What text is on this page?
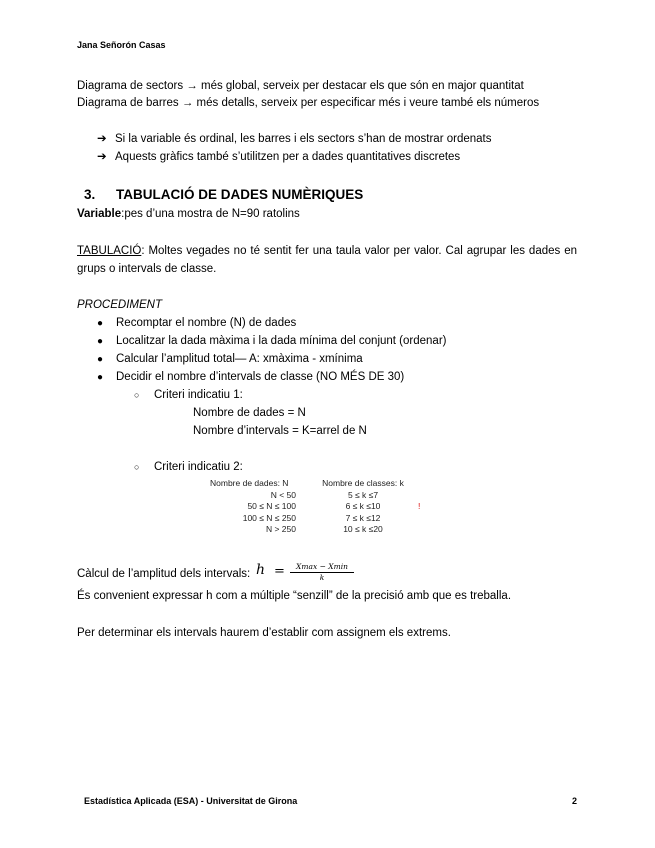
Jana Señorón Casas
Diagrama de sectors → més global, serveix per destacar els que són en major quantitat
Diagrama de barres → més detalls, serveix per especificar més i veure també els números
➔ Si la variable és ordinal, les barres i els sectors s’han de mostrar ordenats
➔ Aquests gràfics també s’utilitzen per a dades quantitatives discretes
3. TABULACIÓ DE DADES NUMÈRIQUES
Variable:pes d’una mostra de N=90 ratolins
TABULACIÓ: Moltes vegades no té sentit fer una taula valor per valor. Cal agrupar les dades en grups o intervals de classe.
PROCEDIMENT
● Recomptar el nombre (N) de dades
● Localitzar la dada màxima i la dada mínima del conjunt (ordenar)
● Calcular l’amplitud total— A: xmàxima - xmínima
● Decidir el nombre d’intervals de classe (NO MÉS DE 30)
○ Criteri indicatiu 1:
Nombre de dades = N
Nombre d’intervals = K=arrel de N
○ Criteri indicatiu 2:
Nombre de dades: N	Nombre de classes: k	
N < 50	5 ≤ k ≤7	
50 ≤ N ≤ 100	6 ≤ k ≤10	!
100 ≤ N ≤ 250	7 ≤ k ≤12	
N > 250	10 ≤ k ≤20	
Càlcul de l’amplitud dels intervals: h =	Xmax − Xmin
k
És convenient expressar h com a múltiple “senzill” de la precisió amb que es treballa.
Per determinar els intervals haurem d’establir com assignem els extrems.
Estadística Aplicada (ESA) - Universitat de Girona	2
